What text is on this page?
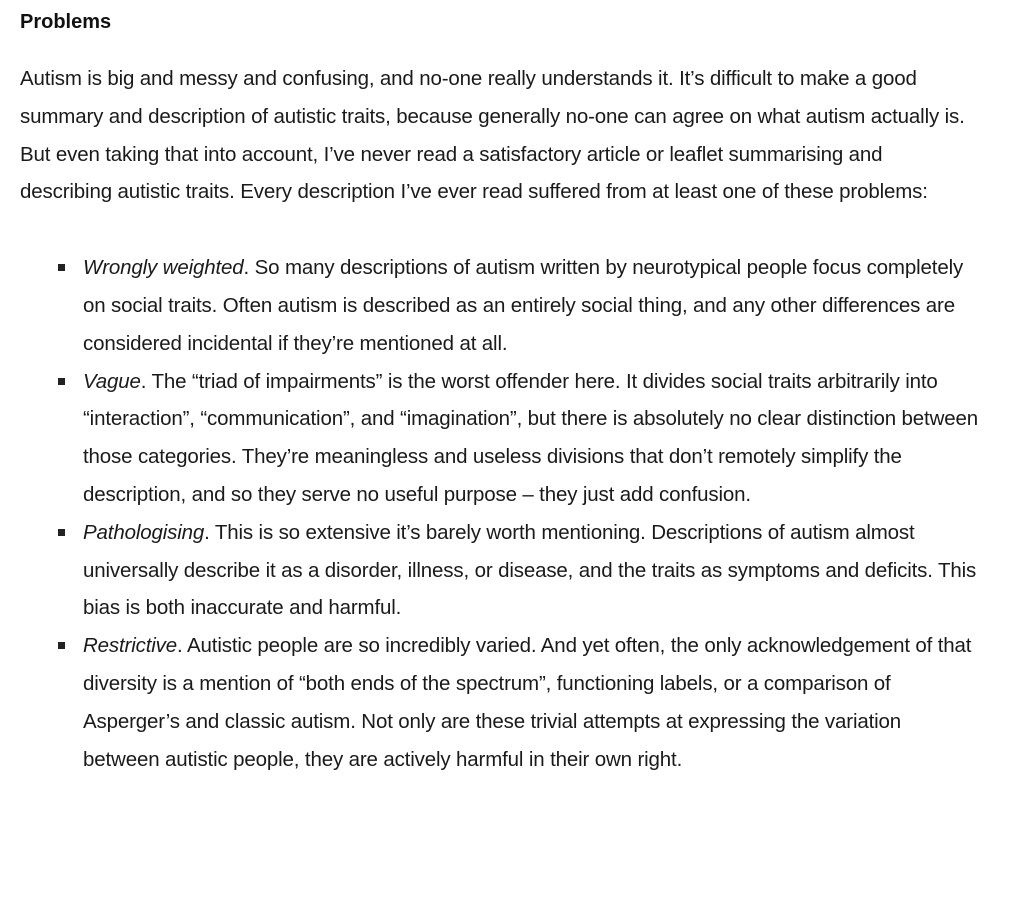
Problems

Autism is big and messy and confusing, and no-one really understands it. It’s difficult to make a good summary and description of autistic traits, because generally no-one can agree on what autism actually is. But even taking that into account, I’ve never read a satisfactory article or leaflet summarising and describing autistic traits. Every description I’ve ever read suffered from at least one of these problems:

Wrongly weighted. So many descriptions of autism written by neurotypical people focus completely on social traits. Often autism is described as an entirely social thing, and any other differences are considered incidental if they’re mentioned at all.
Vague. The “triad of impairments” is the worst offender here. It divides social traits arbitrarily into “interaction”, “communication”, and “imagination”, but there is absolutely no clear distinction between those categories. They’re meaningless and useless divisions that don’t remotely simplify the description, and so they serve no useful purpose – they just add confusion.
Pathologising. This is so extensive it’s barely worth mentioning. Descriptions of autism almost universally describe it as a disorder, illness, or disease, and the traits as symptoms and deficits. This bias is both inaccurate and harmful.
Restrictive. Autistic people are so incredibly varied. And yet often, the only acknowledgement of that diversity is a mention of “both ends of the spectrum”, functioning labels, or a comparison of Asperger’s and classic autism. Not only are these trivial attempts at expressing the variation between autistic people, they are actively harmful in their own right.
